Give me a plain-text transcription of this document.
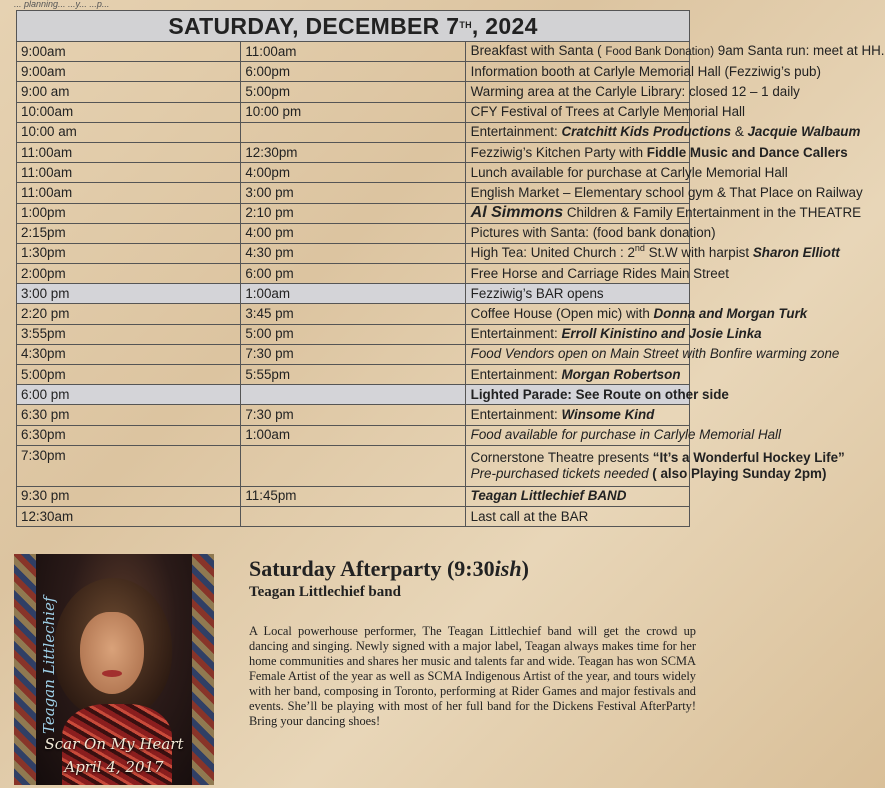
... planning... ...y... ...p...
SATURDAY, DECEMBER 7TH, 2024		
9:00am	11:00am	Breakfast with Santa ( Food Bank Donation) 9am Santa run: meet at HH.
9:00am	6:00pm	Information booth at Carlyle Memorial Hall (Fezziwig’s pub)
9:00 am	5:00pm	Warming area at the Carlyle Library: closed 12 – 1 daily
10:00am	10:00 pm	CFY Festival of Trees at Carlyle Memorial Hall
10:00 am		Entertainment: Cratchitt Kids Productions & Jacquie Walbaum
11:00am	12:30pm	Fezziwig’s Kitchen Party with Fiddle Music and Dance Callers
11:00am	4:00pm	Lunch available for purchase at Carlyle Memorial Hall
11:00am	3:00 pm	English Market – Elementary school gym & That Place on Railway
1:00pm	2:10 pm	Al Simmons Children & Family Entertainment in the THEATRE
2:15pm	4:00 pm	Pictures with Santa: (food bank donation)
1:30pm	4:30 pm	High Tea: United Church : 2nd St.W with harpist Sharon Elliott
2:00pm	6:00 pm	Free Horse and Carriage Rides Main Street
3:00 pm	1:00am	Fezziwig’s BAR opens
2:20 pm	3:45 pm	Coffee House (Open mic) with Donna and Morgan Turk
3:55pm	5:00 pm	Entertainment: Erroll Kinistino and Josie Linka
4:30pm	7:30 pm	Food Vendors open on Main Street with Bonfire warming zone
5:00pm	5:55pm	Entertainment: Morgan Robertson
6:00 pm		Lighted Parade: See Route on other side
6:30 pm	7:30 pm	Entertainment: Winsome Kind
6:30pm	1:00am	Food available for purchase in Carlyle Memorial Hall
7:30pm		Cornerstone Theatre presents “It’s a Wonderful Hockey Life”
Pre-purchased tickets needed ( also Playing Sunday 2pm)
9:30 pm	11:45pm	Teagan Littlechief BAND
12:30am		Last call at the BAR
Teagan Littlechief
Scar On My Heart
April 4, 2017
Saturday Afterparty (9:30ish)
Teagan Littlechief band
A Local powerhouse performer, The Teagan Littlechief band will get the crowd up dancing and singing. Newly signed with a major label, Teagan always makes time for her home communities and shares her music and talents far and wide. Teagan has won SCMA Female Artist of the year as well as SCMA Indigenous Artist of the year, and tours widely with her band, composing in Toronto, performing at Rider Games and major festivals and events. She’ll be playing with most of her full band for the Dickens Festival AfterParty! Bring your dancing shoes!
